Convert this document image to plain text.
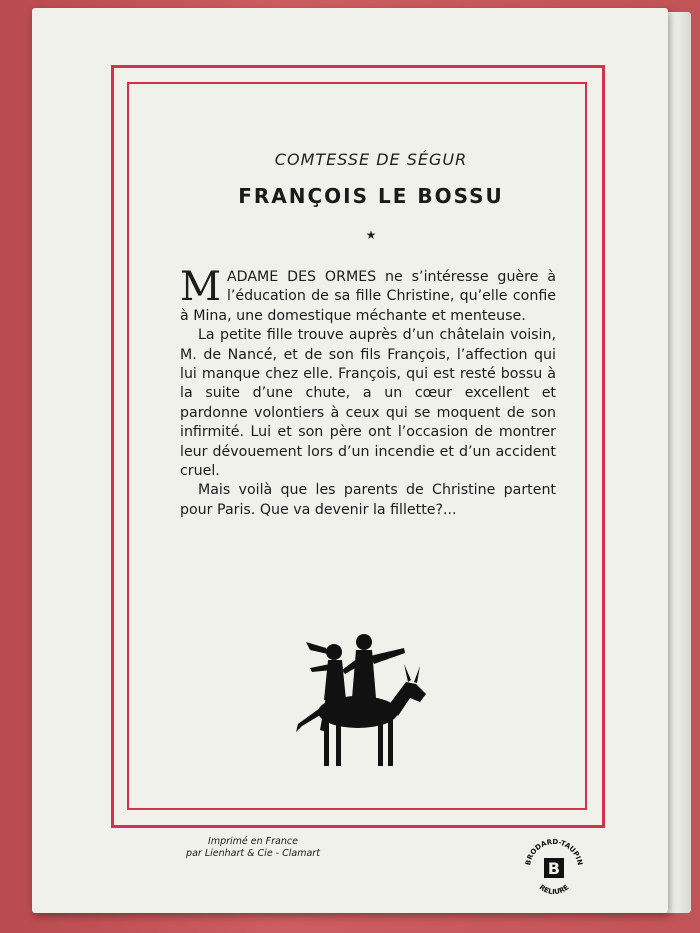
COMTESSE DE SÉGUR
FRANÇOIS LE BOSSU
★

MADAME DES ORMES ne s’intéresse guère à l’éducation de sa fille Christine, qu’elle confie à Mina, une domestique méchante et menteuse.

La petite fille trouve auprès d’un châtelain voisin, M. de Nancé, et de son fils François, l’affection qui lui manque chez elle. François, qui est resté bossu à la suite d’une chute, a un cœur excellent et pardonne volontiers à ceux qui se moquent de son infirmité. Lui et son père ont l’occasion de montrer leur dévouement lors d’un incendie et d’un accident cruel.

Mais voilà que les parents de Christine partent pour Paris. Que va devenir la fillette?...

Imprimé en France
par Lienhart & Cie - Clamart
BRODARD-TAUPIN
RELIURE
B
